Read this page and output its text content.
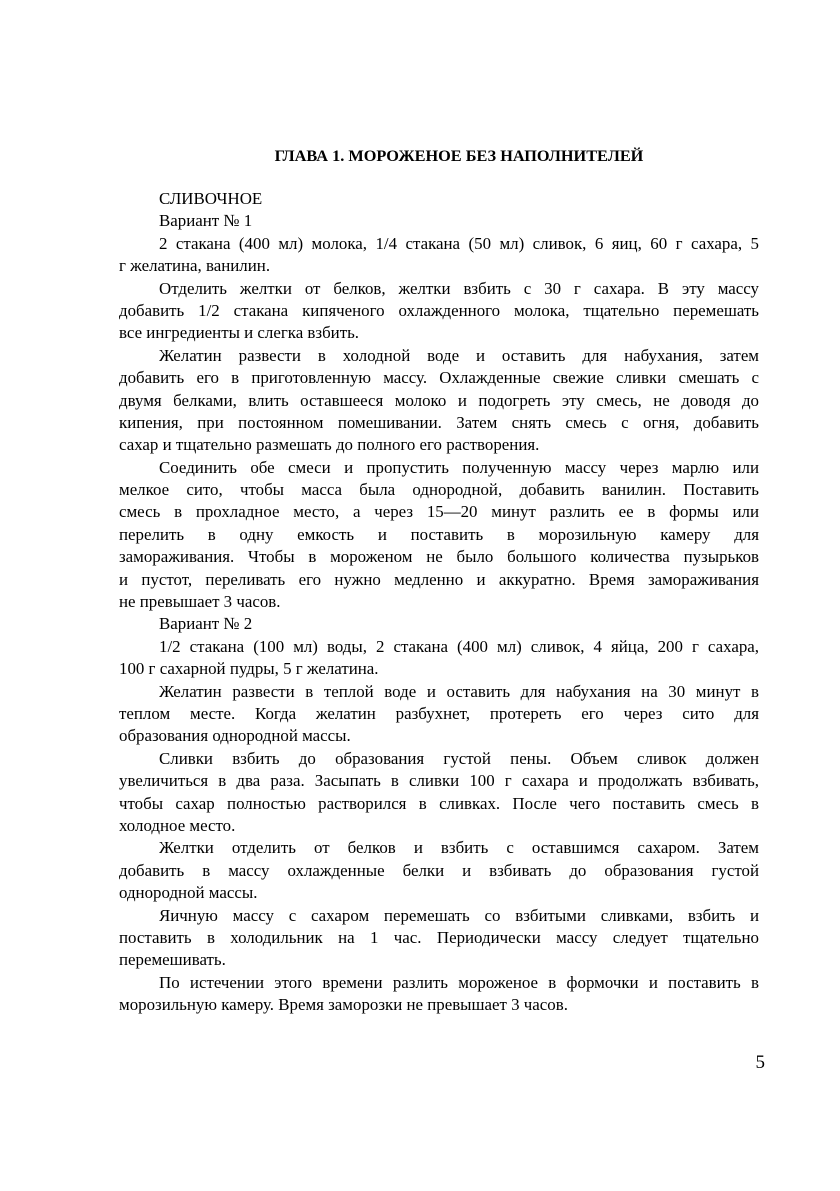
ГЛАВА 1. МОРОЖЕНОЕ БЕЗ НАПОЛНИТЕЛЕЙ
СЛИВОЧНОЕ
Вариант № 1
2 стакана (400 мл) молока, 1/4 стакана (50 мл) сливок, 6 яиц, 60 г сахара, 5
г желатина, ванилин.
Отделить желтки от белков, желтки взбить с 30 г сахара. В эту массу
добавить 1/2 стакана кипяченого охлажденного молока, тщательно перемешать
все ингредиенты и слегка взбить.
Желатин развести в холодной воде и оставить для набухания, затем
добавить его в приготовленную массу. Охлажденные свежие сливки смешать с
двумя белками, влить оставшееся молоко и подогреть эту смесь, не доводя до
кипения, при постоянном помешивании. Затем снять смесь с огня, добавить
сахар и тщательно размешать до полного его растворения.
Соединить обе смеси и пропустить полученную массу через марлю или
мелкое сито, чтобы масса была однородной, добавить ванилин. Поставить
смесь в прохладное место, а через 15—20 минут разлить ее в формы или
перелить в одну емкость и поставить в морозильную камеру для
замораживания. Чтобы в мороженом не было большого количества пузырьков
и пустот, переливать его нужно медленно и аккуратно. Время замораживания
не превышает 3 часов.
Вариант № 2
1/2 стакана (100 мл) воды, 2 стакана (400 мл) сливок, 4 яйца, 200 г сахара,
100 г сахарной пудры, 5 г желатина.
Желатин развести в теплой воде и оставить для набухания на 30 минут в
теплом месте. Когда желатин разбухнет, протереть его через сито для
образования однородной массы.
Сливки взбить до образования густой пены. Объем сливок должен
увеличиться в два раза. Засыпать в сливки 100 г сахара и продолжать взбивать,
чтобы сахар полностью растворился в сливках. После чего поставить смесь в
холодное место.
Желтки отделить от белков и взбить с оставшимся сахаром. Затем
добавить в массу охлажденные белки и взбивать до образования густой
однородной массы.
Яичную массу с сахаром перемешать со взбитыми сливками, взбить и
поставить в холодильник на 1 час. Периодически массу следует тщательно
перемешивать.
По истечении этого времени разлить мороженое в формочки и поставить в
морозильную камеру. Время заморозки не превышает 3 часов.
5
